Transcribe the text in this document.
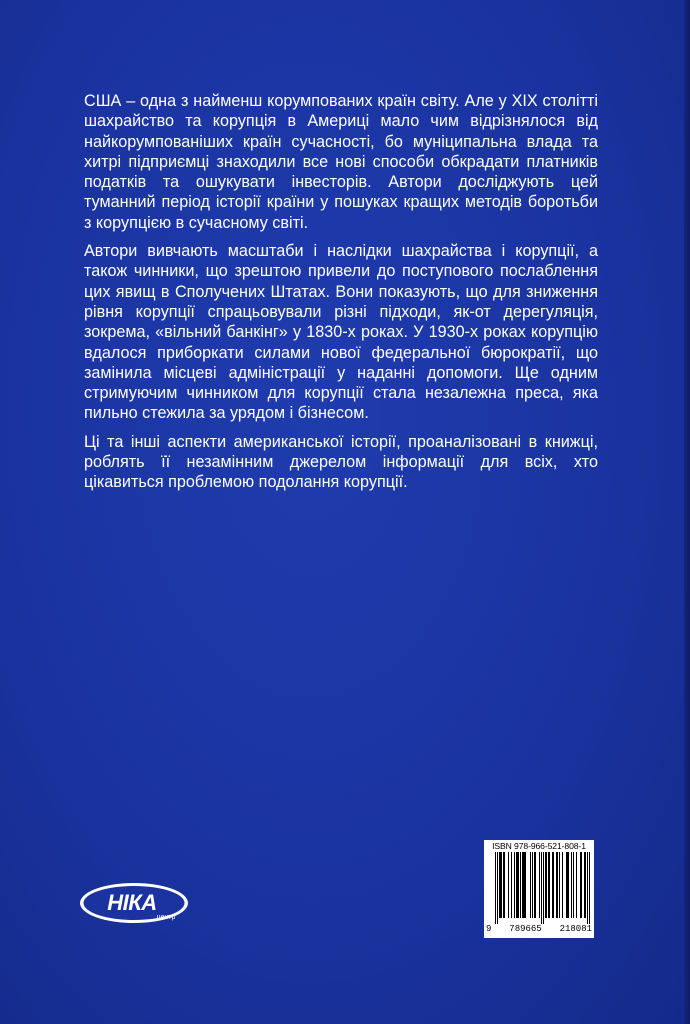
США – одна з найменш корумпованих країн світу. Але у XIX столітті шахрайство та корупція в Америці мало чим відрізнялося від найкорумпованіших країн сучасності, бо муніципальна влада та хитрі підприємці знаходили все нові способи обкрадати платників податків та ошукувати інвесторів. Автори досліджують цей туманний період історії країни у пошуках кращих методів боротьби з корупцією в сучасному світі.

Автори вивчають масштаби і наслідки шахрайства і корупції, а також чинники, що зрештою привели до поступового послаблення цих явищ в Сполучених Штатах. Вони показують, що для зниження рівня корупції спрацьовували різні підходи, як-от дерегуляція, зокрема, «вільний банкінг» у 1830-х роках. У 1930-х роках корупцію вдалося приборкати силами нової федеральної бюрократії, що замінила місцеві адміністрації у наданні допомоги. Ще одним стримуючим чинником для корупції стала незалежна преса, яка пильно стежила за урядом і бізнесом.

Ці та інші аспекти американської історії, проаналізовані в книжці, роблять її незамінним джерелом інформації для всіх, хто цікавиться проблемою подолання корупції.

ISBN 978-966-521-808-1
9 789665 218081
НІКА
центр
